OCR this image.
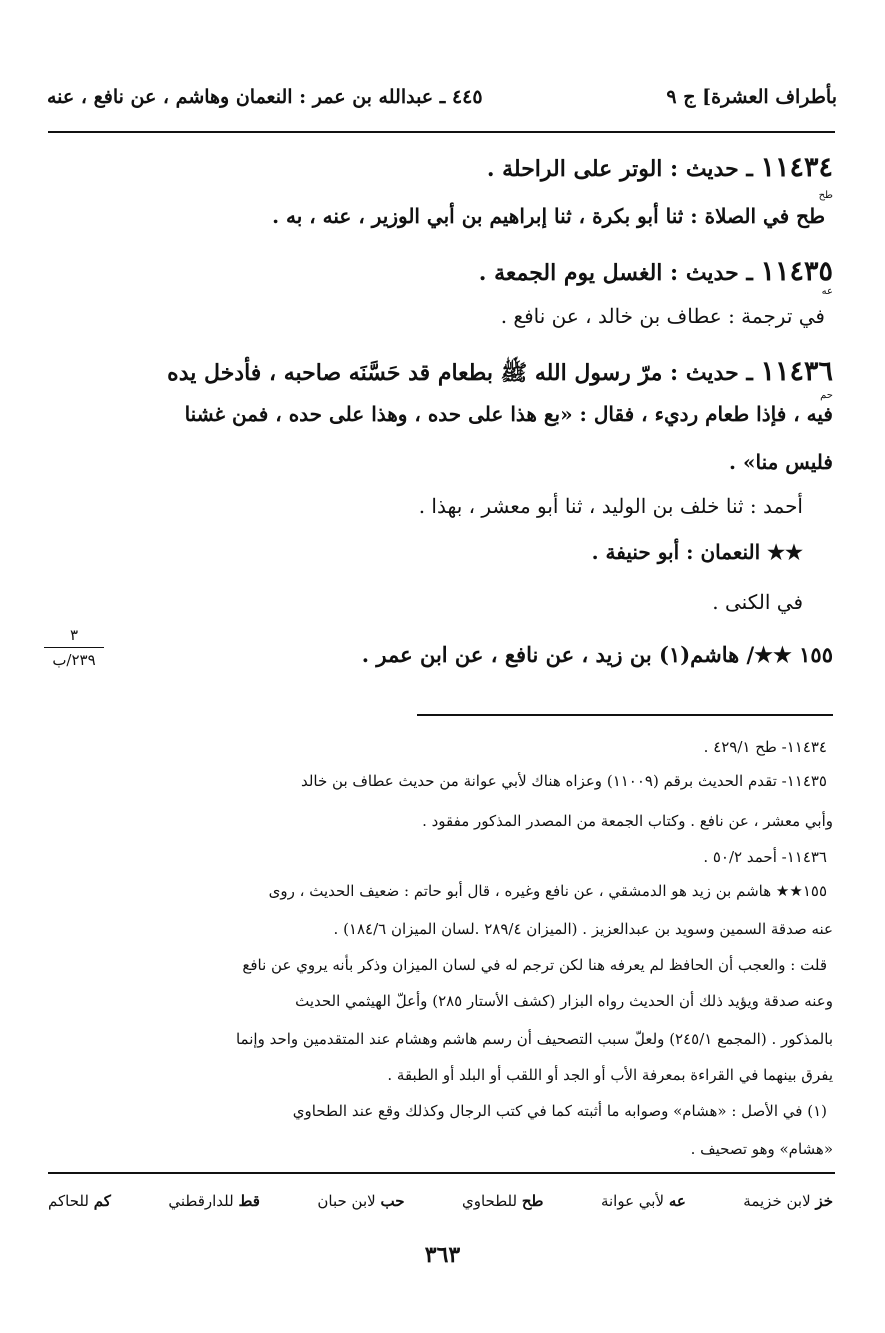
بأطراف العشرة] ج ٩
٤٤٥ ـ عبدالله بن عمر : النعمان وهاشم ، عن نافع ، عنه
١١٤٣٤ ـ حديث : الوتر على الراحلة .
طح
طح في الصلاة : ثنا أبو بكرة ، ثنا إبراهيم بن أبي الوزير ، عنه ، به .
١١٤٣٥ ـ حديث : الغسل يوم الجمعة .
عه
في ترجمة : عطاف بن خالد ، عن نافع .
١١٤٣٦ ـ حديث : مرّ رسول الله ﷺ بطعام قد حَسَّنَه صاحبه ، فأدخل يده
حم
فيه ، فإذا طعام رديء ، فقال : «بع هذا على حده ، وهذا على حده ، فمن غشنا
فليس منا» .
أحمد : ثنا خلف بن الوليد ، ثنا أبو معشر ، بهذا .
★★ النعمان : أبو حنيفة .
في الكنى .
١٥٥ ★★/ هاشم(١) بن زيد ، عن نافع ، عن ابن عمر .
٣
٢٣٩/ب
١١٤٣٤- طح ٤٢٩/١ .
١١٤٣٥- تقدم الحديث برقم (١١٠٠٩) وعزاه هناك لأبي عوانة من حديث عطاف بن خالد
وأبي معشر ، عن نافع . وكتاب الجمعة من المصدر المذكور مفقود .
١١٤٣٦- أحمد ٥٠/٢ .
١٥٥★★ هاشم بن زيد هو الدمشقي ، عن نافع وغيره ، قال أبو حاتم : ضعيف الحديث ، روى
عنه صدقة السمين وسويد بن عبدالعزيز . (الميزان ٢٨٩/٤ .لسان الميزان ١٨٤/٦) .
قلت : والعجب أن الحافظ لم يعرفه هنا لكن ترجم له في لسان الميزان وذكر بأنه يروي عن نافع
وعنه صدقة ويؤيد ذلك أن الحديث رواه البزار (كشف الأستار ٢٨٥) وأعلّ الهيثمي الحديث
بالمذكور . (المجمع ٢٤٥/١) ولعلّ سبب التصحيف أن رسم هاشم وهشام عند المتقدمين واحد وإنما
يفرق بينهما في القراءة بمعرفة الأب أو الجد أو اللقب أو البلد أو الطبقة .
(١) في الأصل : «هشام» وصوابه ما أثبته كما في كتب الرجال وكذلك وقع عند الطحاوي
«هشام» وهو تصحيف .
خز لابن خزيمة
عه لأبي عوانة
طح للطحاوي
حب لابن حبان
قط للدارقطني
كم للحاكم
٣٦٣
